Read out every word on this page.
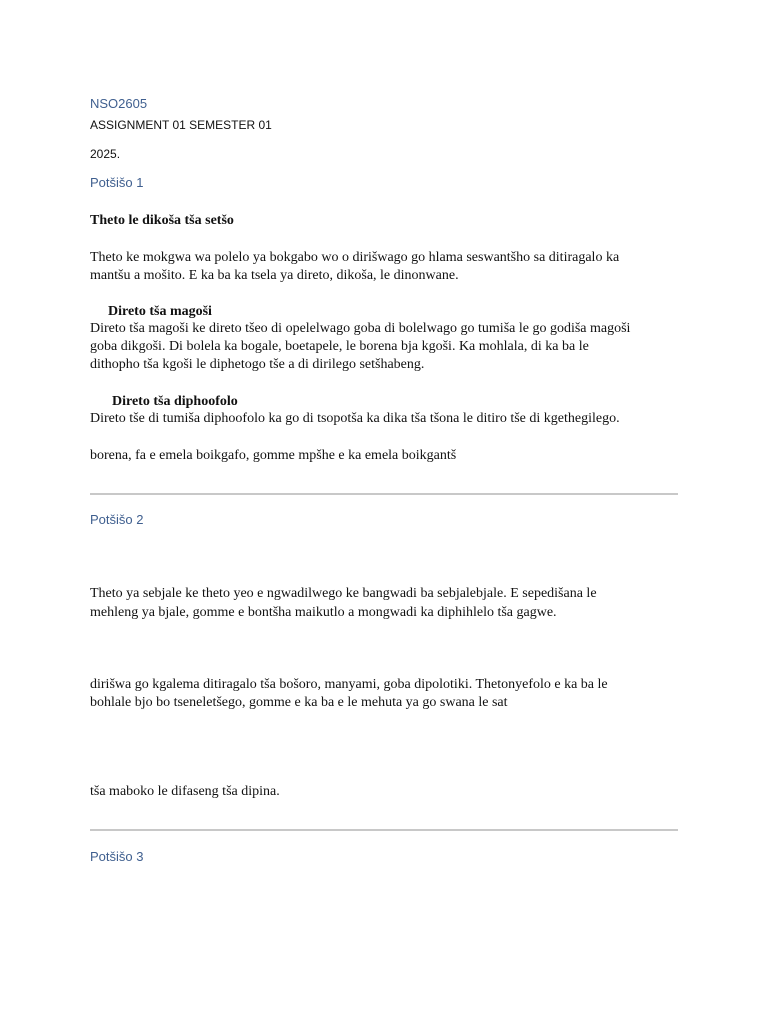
NSO2605
ASSIGNMENT 01 SEMESTER 01
2025.
Potšišo 1
Theto le dikoša tša setšo
Theto ke mokgwa wa polelo ya bokgabo wo o dirišwago go hlama seswantšho sa ditiragalo ka
mantšu a mošito. E ka ba ka tsela ya direto, dikoša, le dinonwane.
Direto tša magoši
Direto tša magoši ke direto tšeo di opelelwago goba di bolelwago go tumiša le go godiša magoši
goba dikgoši. Di bolela ka bogale, boetapele, le borena bja kgoši. Ka mohlala, di ka ba le
dithopho tša kgoši le diphetogo tše a di dirilego setšhabeng.
Direto tša diphoofolo
Direto tše di tumiša diphoofolo ka go di tsopotša ka dika tša tšona le ditiro tše di kgethegilego.
borena, fa e emela boikgafo, gomme mpšhe e ka emela boikgantš
Potšišo 2
Theto ya sebjale ke theto yeo e ngwadilwego ke bangwadi ba sebjalebjale. E sepedišana le
mehleng ya bjale, gomme e bontšha maikutlo a mongwadi ka diphihlelo tša gagwe.
dirišwa go kgalema ditiragalo tša bošoro, manyami, goba dipolotiki. Thetonyefolo e ka ba le
bohlale bjo bo tseneletšego, gomme e ka ba e le mehuta ya go swana le sat
tša maboko le difaseng tša dipina.
Potšišo 3
